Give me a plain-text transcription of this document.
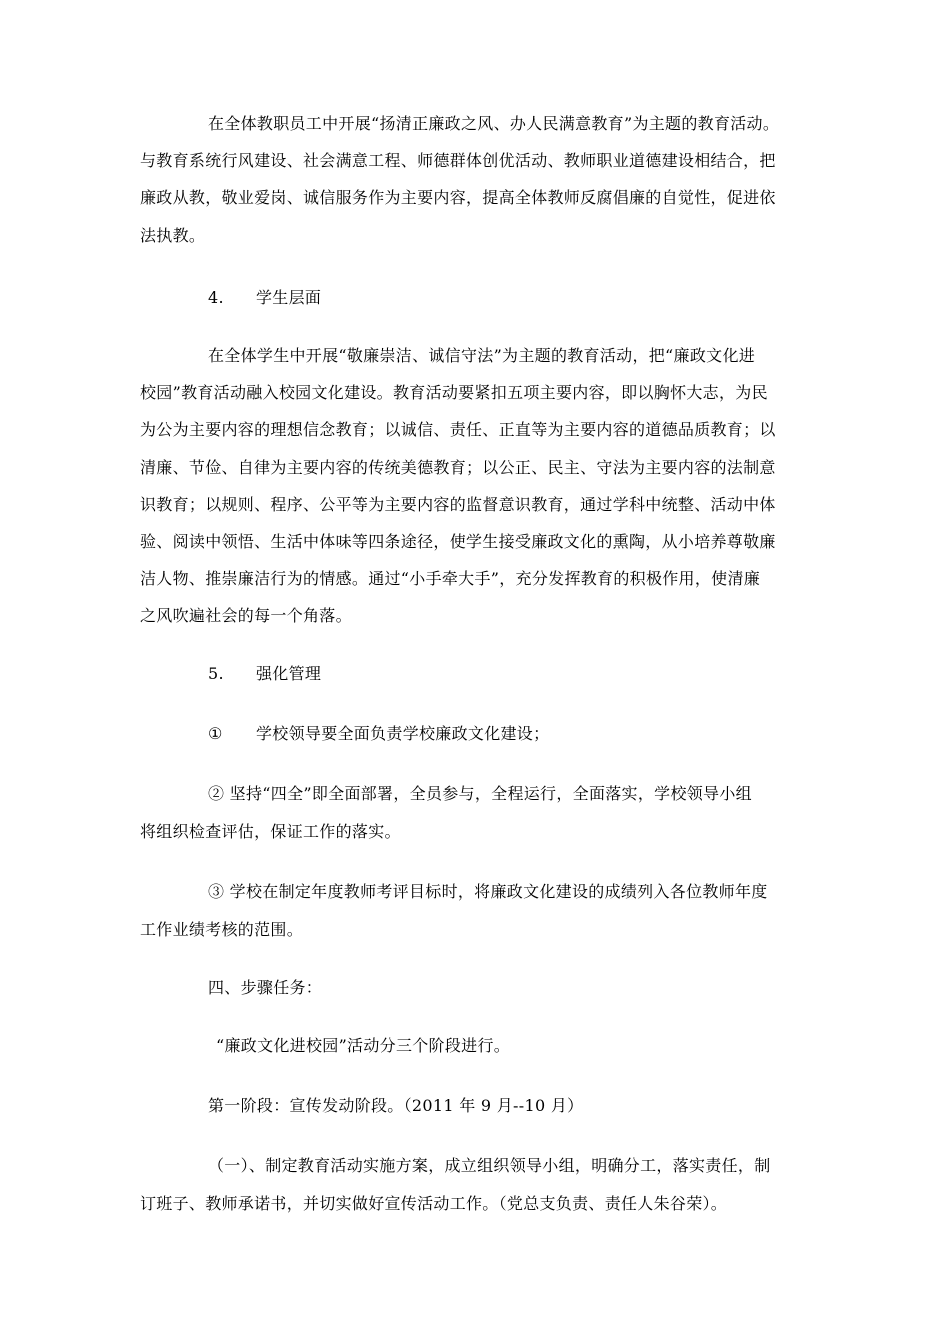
在全体教职员工中开展“扬清正廉政之风、办人民满意教育”为主题的教育活动。
与教育系统行风建设、社会满意工程、师德群体创优活动、教师职业道德建设相结合，把
廉政从教，敬业爱岗、诚信服务作为主要内容，提高全体教师反腐倡廉的自觉性，促进依
法执教。
4. 学生层面
在全体学生中开展“敬廉崇洁、诚信守法”为主题的教育活动，把“廉政文化进
校园”教育活动融入校园文化建设。教育活动要紧扣五项主要内容，即以胸怀大志，为民
为公为主要内容的理想信念教育；以诚信、责任、正直等为主要内容的道德品质教育；以
清廉、节俭、自律为主要内容的传统美德教育；以公正、民主、守法为主要内容的法制意
识教育；以规则、程序、公平等为主要内容的监督意识教育，通过学科中统整、活动中体
验、阅读中领悟、生活中体味等四条途径，使学生接受廉政文化的熏陶，从小培养尊敬廉
洁人物、推崇廉洁行为的情感。通过“小手牵大手”，充分发挥教育的积极作用，使清廉
之风吹遍社会的每一个角落。
5. 强化管理
① 学校领导要全面负责学校廉政文化建设；
② 坚持“四全”即全面部署，全员参与，全程运行，全面落实，学校领导小组
将组织检查评估，保证工作的落实。
③ 学校在制定年度教师考评目标时，将廉政文化建设的成绩列入各位教师年度
工作业绩考核的范围。
四、步骤任务：
“廉政文化进校园”活动分三个阶段进行。
第一阶段：宣传发动阶段。（2011 年 9 月--10 月）
（一）、制定教育活动实施方案，成立组织领导小组，明确分工，落实责任，制
订班子、教师承诺书，并切实做好宣传活动工作。（党总支负责、责任人朱谷荣）。
